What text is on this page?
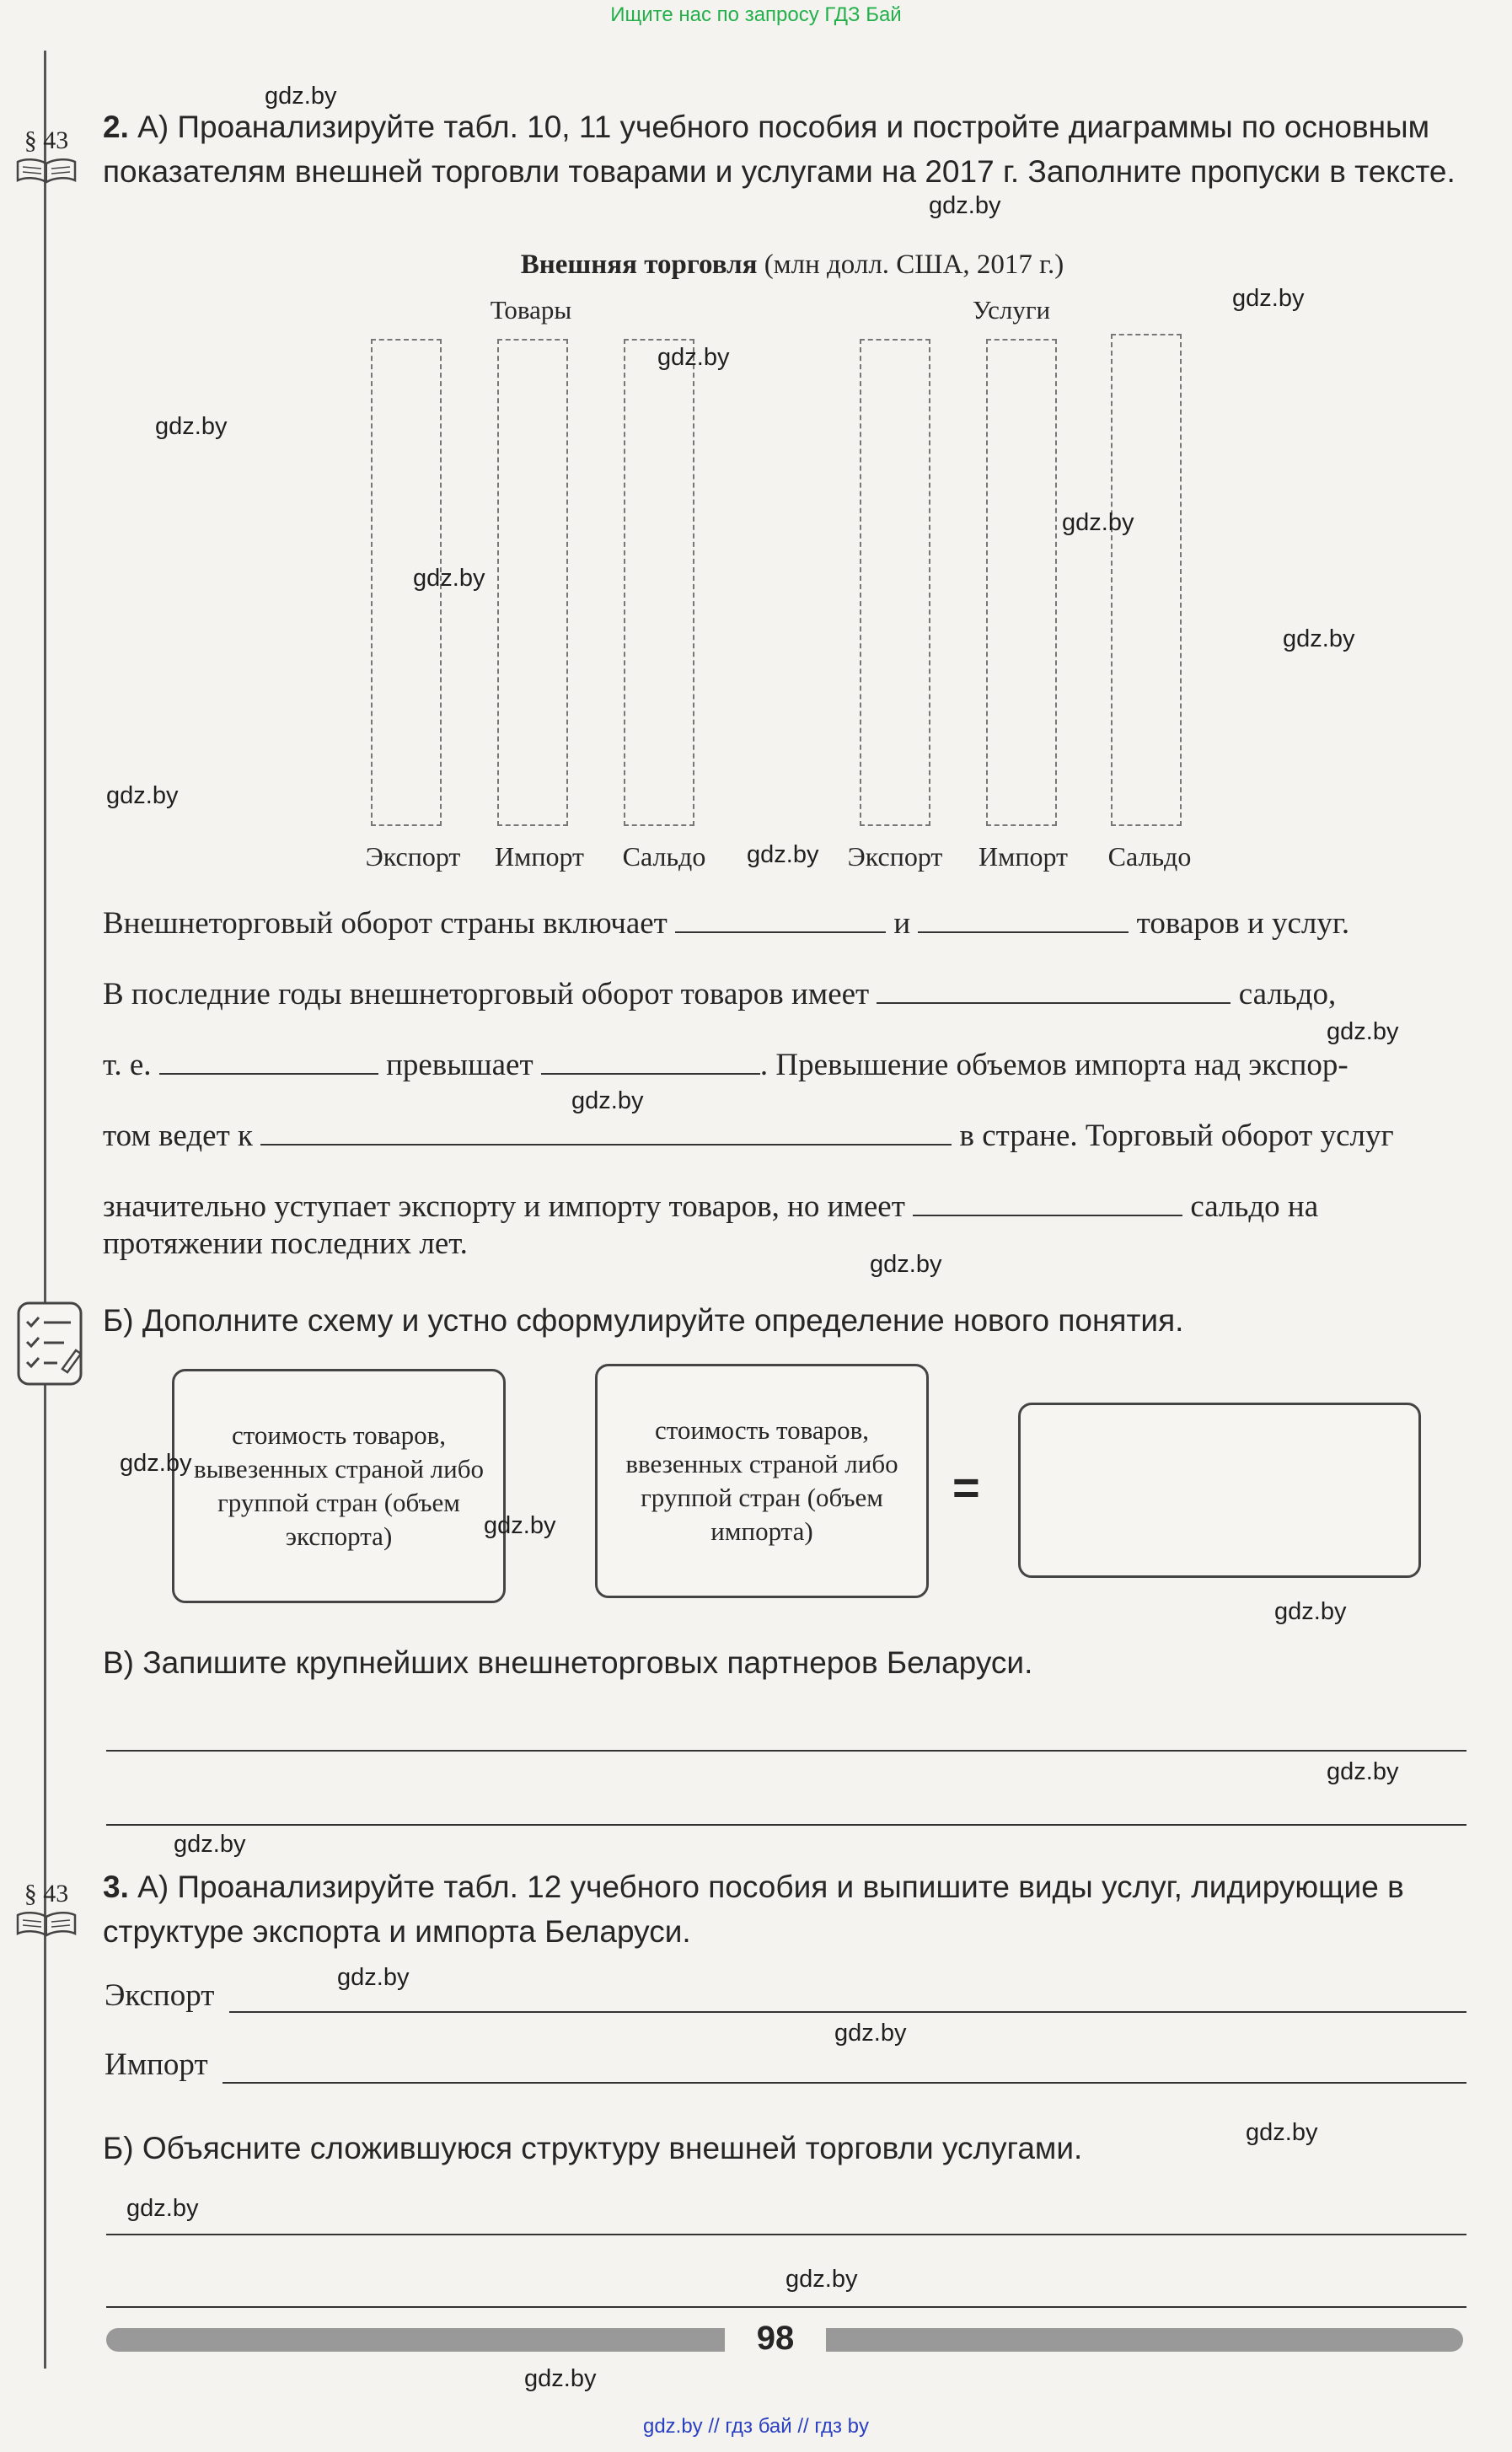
Ищите нас по запросу ГДЗ Бай
gdz.by // гдз бай // гдз by
§ 43	2. А) Проанализируйте табл. 10, 11 учебного пособия и постройте диаграммы по основным показателям внешней торговли товарами и услугами на 2017 г. Заполните пропуски в тексте.
Внешняя торговля (млн долл. США, 2017 г.)
Товары	Услуги
Экспорт	Импорт	Сальдо	Экспорт	Импорт	Сальдо
Внешнеторговый оборот страны включает	и	товаров и услуг.
В последние годы внешнеторговый оборот товаров имеет	сальдо,
т. е.	превышает	. Превышение объемов импорта над экспор-
том ведет к	в стране. Торговый оборот услуг
значительно уступает экспорту и импорту товаров, но имеет	сальдо на
протяжении последних лет.
Б) Дополните схему и устно сформулируйте определение нового понятия.
стоимость товаров, вывезенных страной либо группой стран (объем экспорта)
стоимость товаров, ввезенных страной либо группой стран (объем импорта)
=
В) Запишите крупнейших внешнеторговых партнеров Беларуси.
§ 43	3. А) Проанализируйте табл. 12 учебного пособия и выпишите виды услуг, лидирующие в структуре экспорта и импорта Беларуси.
Экспорт
Импорт
Б) Объясните сложившуюся структуру внешней торговли услугами.
98
gdz.by
gdz.by
gdz.by
gdz.by
gdz.by
gdz.by
gdz.by
gdz.by
gdz.by
gdz.by
gdz.by
gdz.by
gdz.by
gdz.by
gdz.by
gdz.by
gdz.by
gdz.by
gdz.by
gdz.by
gdz.by
gdz.by
gdz.by
gdz.by
